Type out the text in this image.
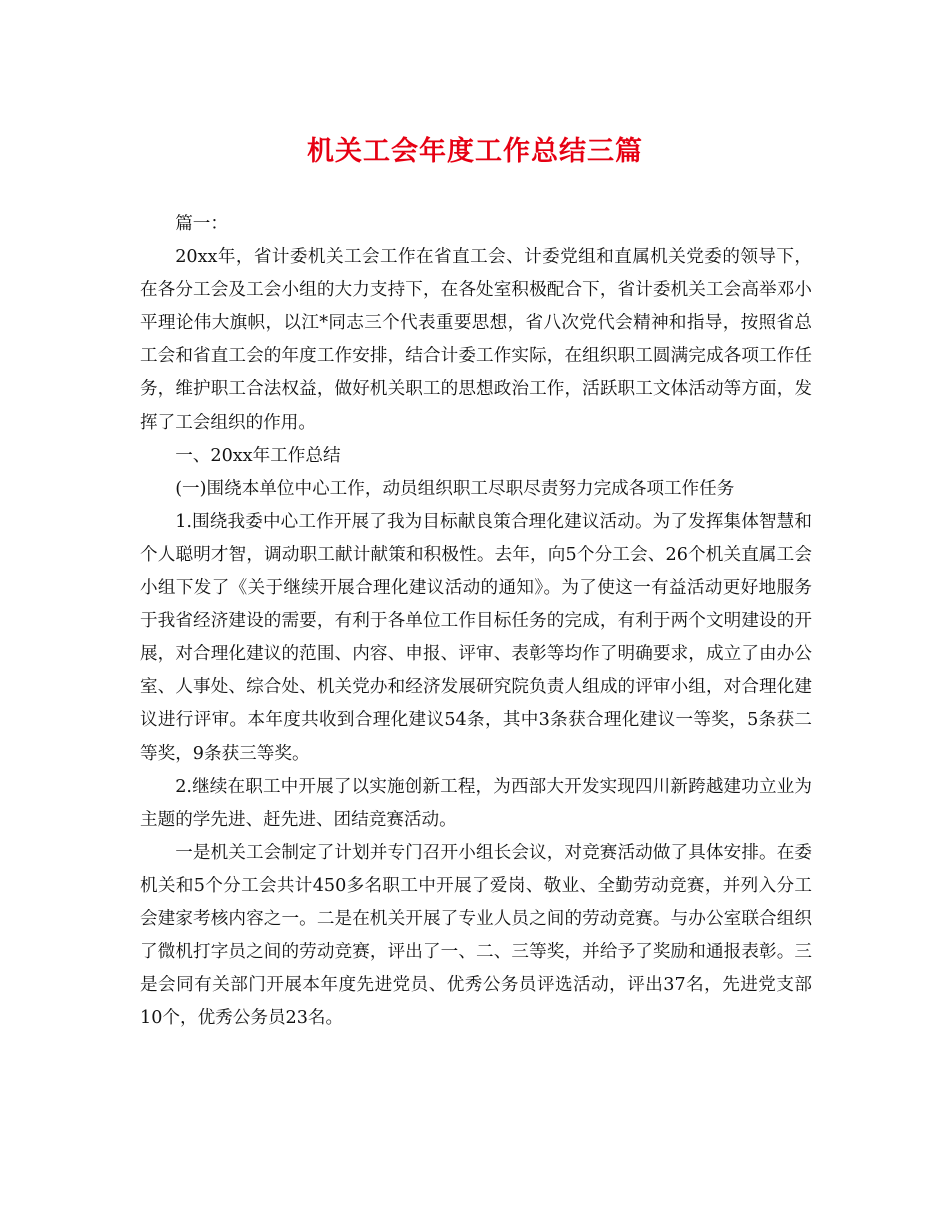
机关工会年度工作总结三篇

篇一：

20xx年，省计委机关工会工作在省直工会、计委党组和直属机关党委的领导下，在各分工会及工会小组的大力支持下，在各处室积极配合下，省计委机关工会高举邓小平理论伟大旗帜，以江*同志三个代表重要思想，省八次党代会精神和指导，按照省总工会和省直工会的年度工作安排，结合计委工作实际，在组织职工圆满完成各项工作任务，维护职工合法权益，做好机关职工的思想政治工作，活跃职工文体活动等方面，发挥了工会组织的作用。

一、20xx年工作总结

(一)围绕本单位中心工作，动员组织职工尽职尽责努力完成各项工作任务

1.围绕我委中心工作开展了我为目标献良策合理化建议活动。为了发挥集体智慧和个人聪明才智，调动职工献计献策和积极性。去年，向5个分工会、26个机关直属工会小组下发了《关于继续开展合理化建议活动的通知》。为了使这一有益活动更好地服务于我省经济建设的需要，有利于各单位工作目标任务的完成，有利于两个文明建设的开展，对合理化建议的范围、内容、申报、评审、表彰等均作了明确要求，成立了由办公室、人事处、综合处、机关党办和经济发展研究院负责人组成的评审小组，对合理化建议进行评审。本年度共收到合理化建议54条，其中3条获合理化建议一等奖，5条获二等奖，9条获三等奖。

2.继续在职工中开展了以实施创新工程，为西部大开发实现四川新跨越建功立业为主题的学先进、赶先进、团结竞赛活动。

一是机关工会制定了计划并专门召开小组长会议，对竞赛活动做了具体安排。在委机关和5个分工会共计450多名职工中开展了爱岗、敬业、全勤劳动竞赛，并列入分工会建家考核内容之一。二是在机关开展了专业人员之间的劳动竞赛。与办公室联合组织了微机打字员之间的劳动竞赛，评出了一、二、三等奖，并给予了奖励和通报表彰。三是会同有关部门开展本年度先进党员、优秀公务员评选活动，评出37名，先进党支部10个，优秀公务员23名。
